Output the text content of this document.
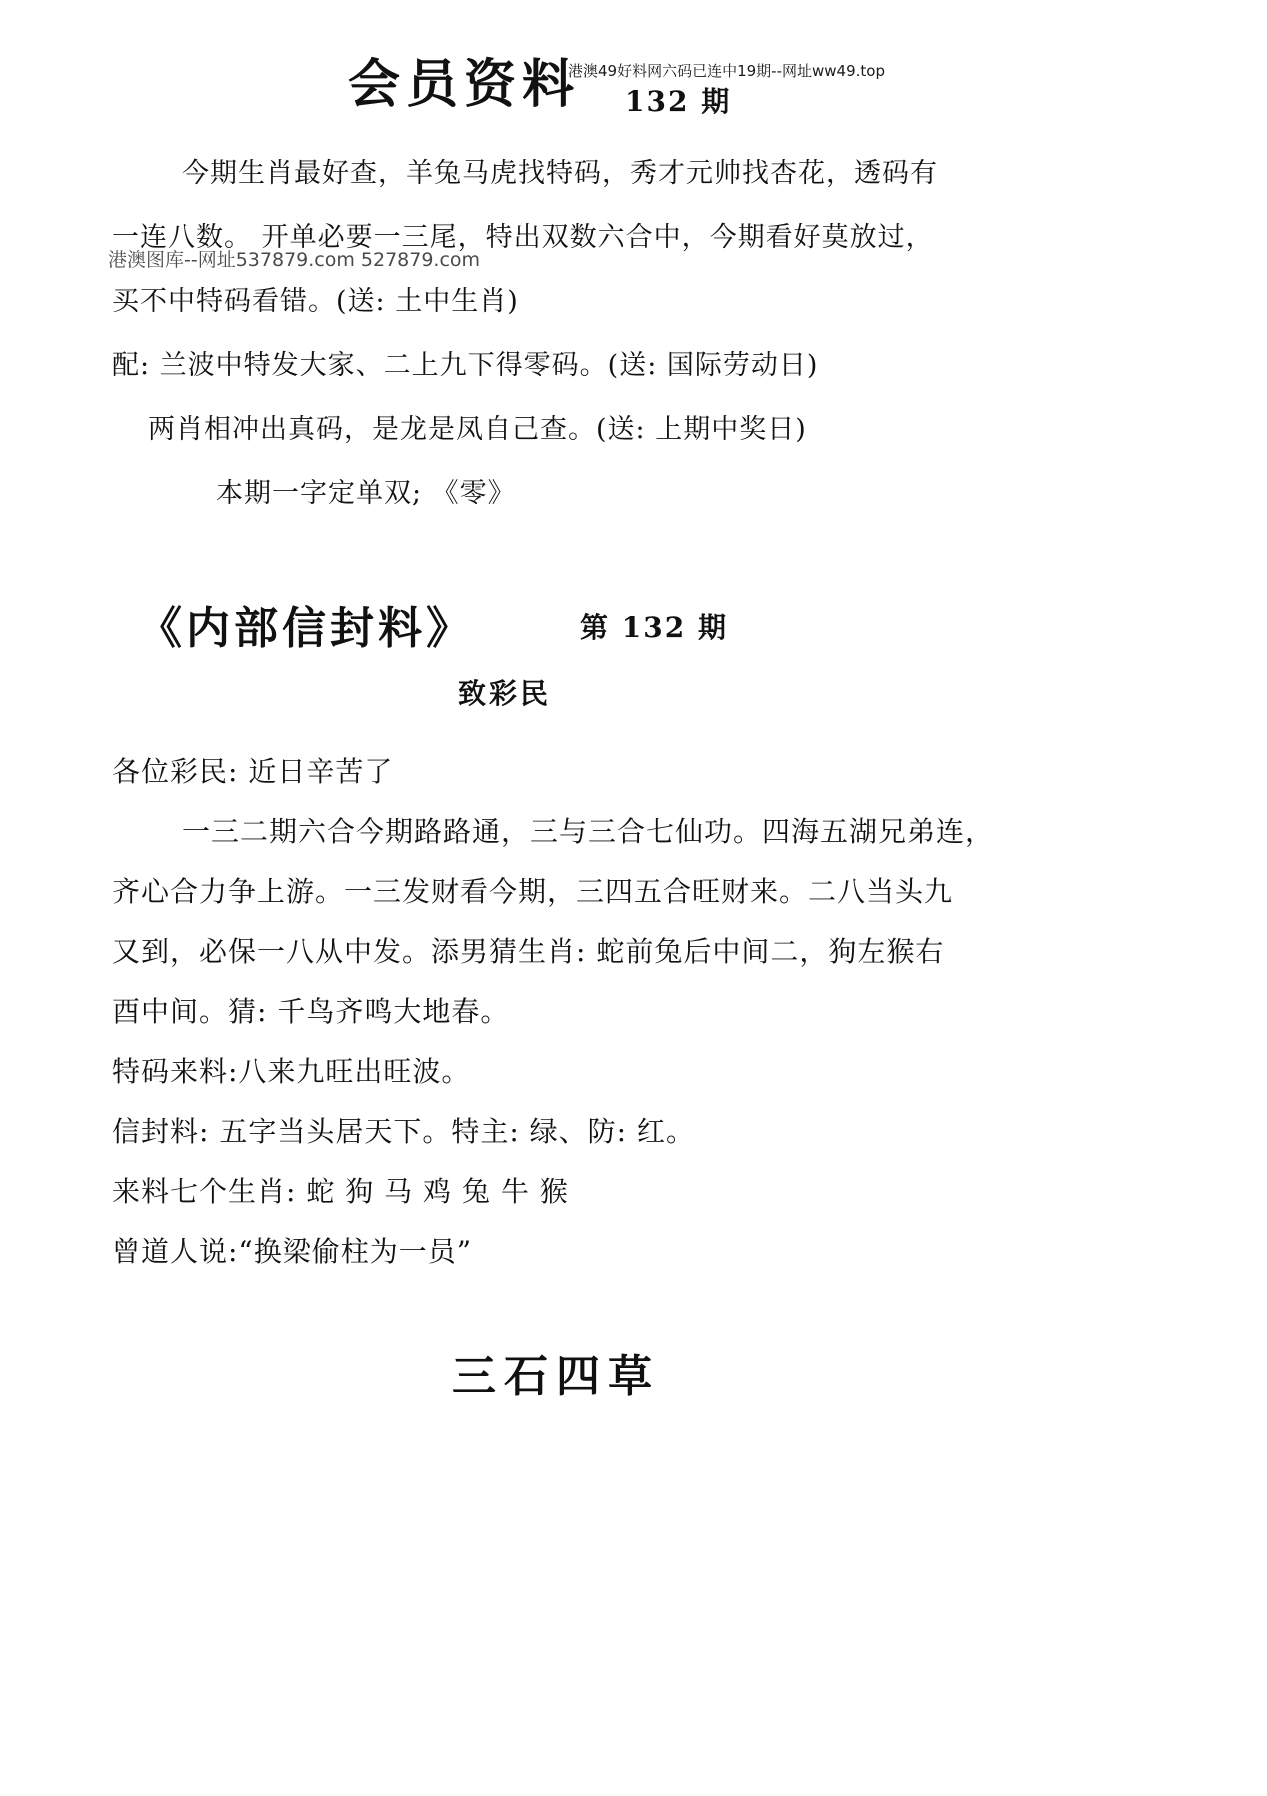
会员资料 132 期
港澳49好料网六码已连中19期--网址ww49.top
港澳图库--网址537879.com 527879.com

今期生肖最好查，羊兔马虎找特码，秀才元帅找杏花，透码有

一连八数。 开单必要一三尾，特出双数六合中，今期看好莫放过，

买不中特码看错。(送: 土中生肖)

配: 兰波中特发大家、二上九下得零码。(送: 国际劳动日)

两肖相冲出真码，是龙是凤自己查。(送: 上期中奖日)

本期一字定单双; 《零》

《内部信封料》	第 132 期
致彩民

各位彩民: 近日辛苦了

一三二期六合今期路路通，三与三合七仙功。四海五湖兄弟连，

齐心合力争上游。一三发财看今期，三四五合旺财来。二八当头九

又到，必保一八从中发。添男猜生肖: 蛇前兔后中间二，狗左猴右

酉中间。猜: 千鸟齐鸣大地春。

特码来料:八来九旺出旺波。

信封料: 五字当头居天下。特主: 绿、防: 红。

来料七个生肖: 蛇 狗 马 鸡 兔 牛 猴

曾道人说:“换梁偷柱为一员”

三石四草
